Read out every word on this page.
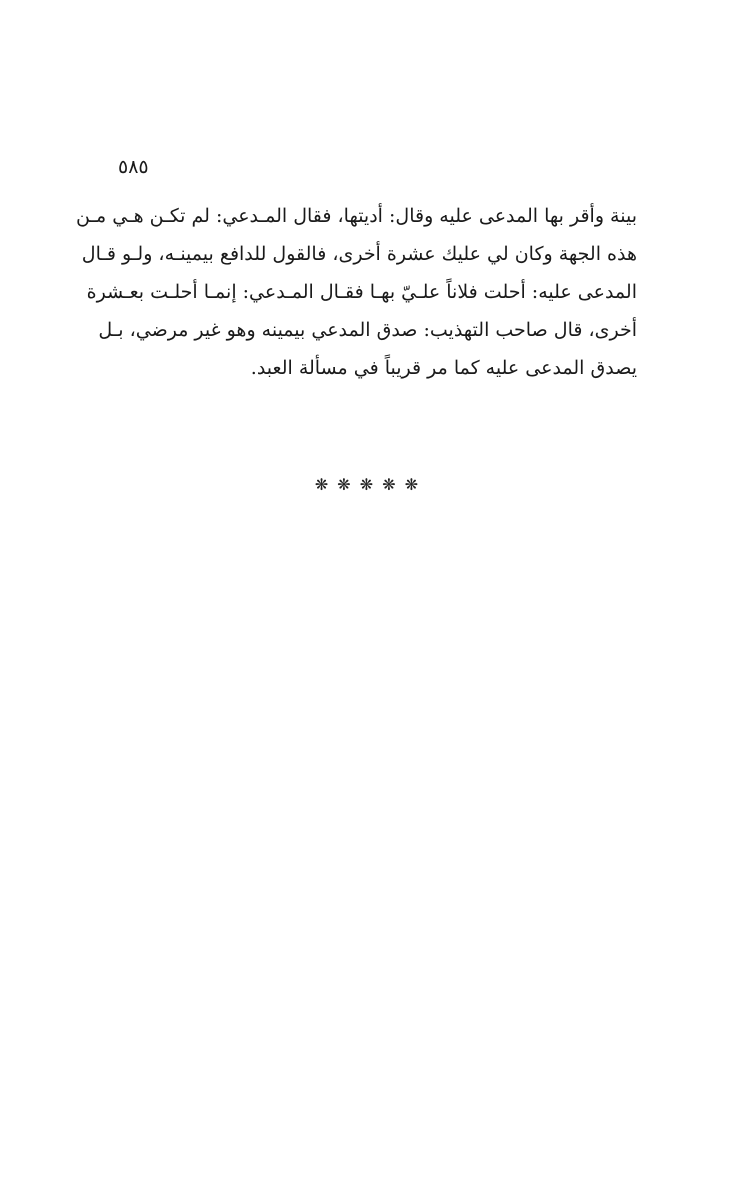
٥٨٥
بينة وأقر بها المدعى عليه وقال: أديتها، فقال المـدعي: لم تكـن هـي مـن
هذه الجهة وكان لي عليك عشرة أخرى، فالقول للدافع بيمينـه، ولـو قـال
المدعى عليه: أحلت فلاناً علـيّ بهـا فقـال المـدعي: إنمـا أحلـت بعـشرة
أخرى، قال صاحب التهذيب: صدق المدعي بيمينه وهو غير مرضي، بـل
يصدق المدعى عليه كما مر قريباً في مسألة العبد.
❋ ❋ ❋ ❋ ❋
